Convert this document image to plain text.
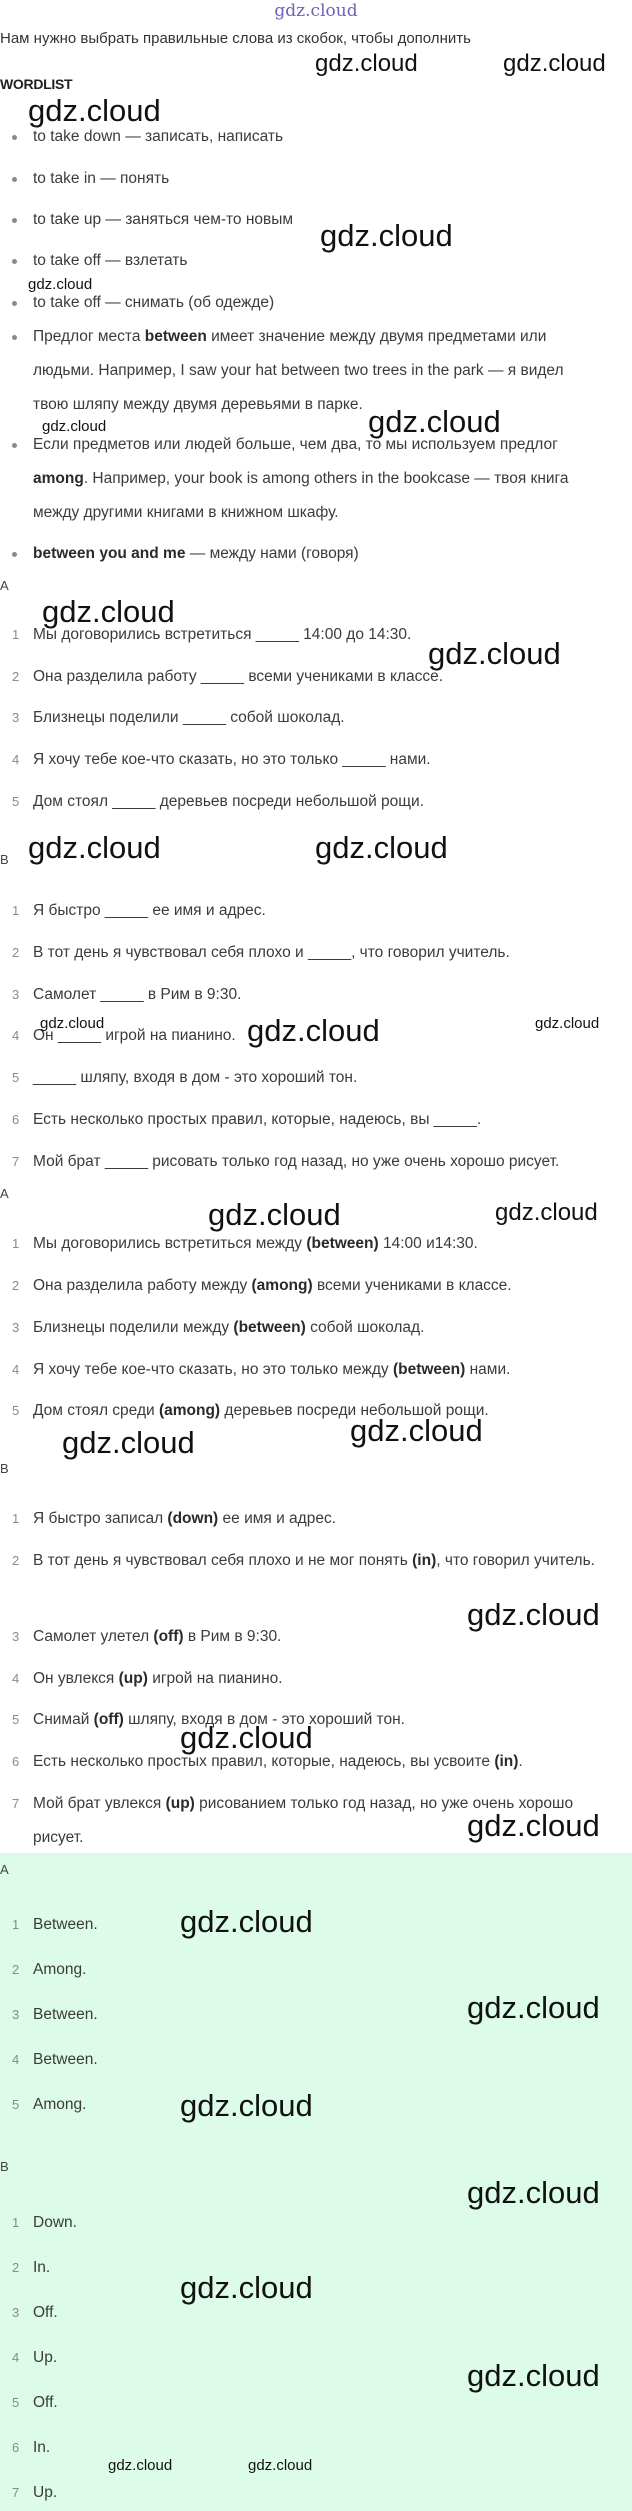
gdz.cloud
Нам нужно выбрать правильные слова из скобок, чтобы дополнить
WORDLIST
to take down — записать, написать
to take in — понять
to take up — заняться чем-то новым
to take off — взлетать
to take off — снимать (об одежде)
Предлог места between имеет значение между двумя предметами или людьми. Например, I saw your hat between two trees in the park — я видел твою шляпу между двумя деревьями в парке.
Если предметов или людей больше, чем два, то мы используем предлог among. Например, your book is among others in the bookcase — твоя книга между другими книгами в книжном шкафу.
between you and me — между нами (говоря)
A
1 Мы договорились встретиться _____ 14:00 до 14:30.
2 Она разделила работу _____ всеми учениками в классе.
3 Близнецы поделили _____ собой шоколад.
4 Я хочу тебе кое-что сказать, но это только _____ нами.
5 Дом стоял _____ деревьев посреди небольшой рощи.
B
1 Я быстро _____ ее имя и адрес.
2 В тот день я чувствовал себя плохо и _____, что говорил учитель.
3 Самолет _____ в Рим в 9:30.
4 Он _____ игрой на пианино.
5 _____ шляпу, входя в дом - это хороший тон.
6 Есть несколько простых правил, которые, надеюсь, вы _____.
7 Мой брат _____ рисовать только год назад, но уже очень хорошо рисует.
A
1 Мы договорились встретиться между (between) 14:00 и14:30.
2 Она разделила работу между (among) всеми учениками в классе.
3 Близнецы поделили между (between) собой шоколад.
4 Я хочу тебе кое-что сказать, но это только между (between) нами.
5 Дом стоял среди (among) деревьев посреди небольшой рощи.
B
1 Я быстро записал (down) ее имя и адрес.
2 В тот день я чувствовал себя плохо и не мог понять (in), что говорил учитель.
3 Самолет улетел (off) в Рим в 9:30.
4 Он увлекся (up) игрой на пианино.
5 Снимай (off) шляпу, входя в дом - это хороший тон.
6 Есть несколько простых правил, которые, надеюсь, вы усвоите (in).
7 Мой брат увлекся (up) рисованием только год назад, но уже очень хорошо рисует.
A
1 Between.
2 Among.
3 Between.
4 Between.
5 Among.
B
1 Down.
2 In.
3 Off.
4 Up.
5 Off.
6 In.
7 Up.
gdz.cloud	gdz.cloud
gdz.cloud
gdz.cloud
gdz.cloud
gdz.cloud	gdz.cloud
gdz.cloud
gdz.cloud
gdz.cloud	gdz.cloud
gdz.cloud	gdz.cloud	gdz.cloud
gdz.cloud	gdz.cloud
gdz.cloud	gdz.cloud
gdz.cloud
gdz.cloud
gdz.cloud
gdz.cloud
gdz.cloud
gdz.cloud
gdz.cloud
gdz.cloud
gdz.cloud
gdz.cloud	gdz.cloud
